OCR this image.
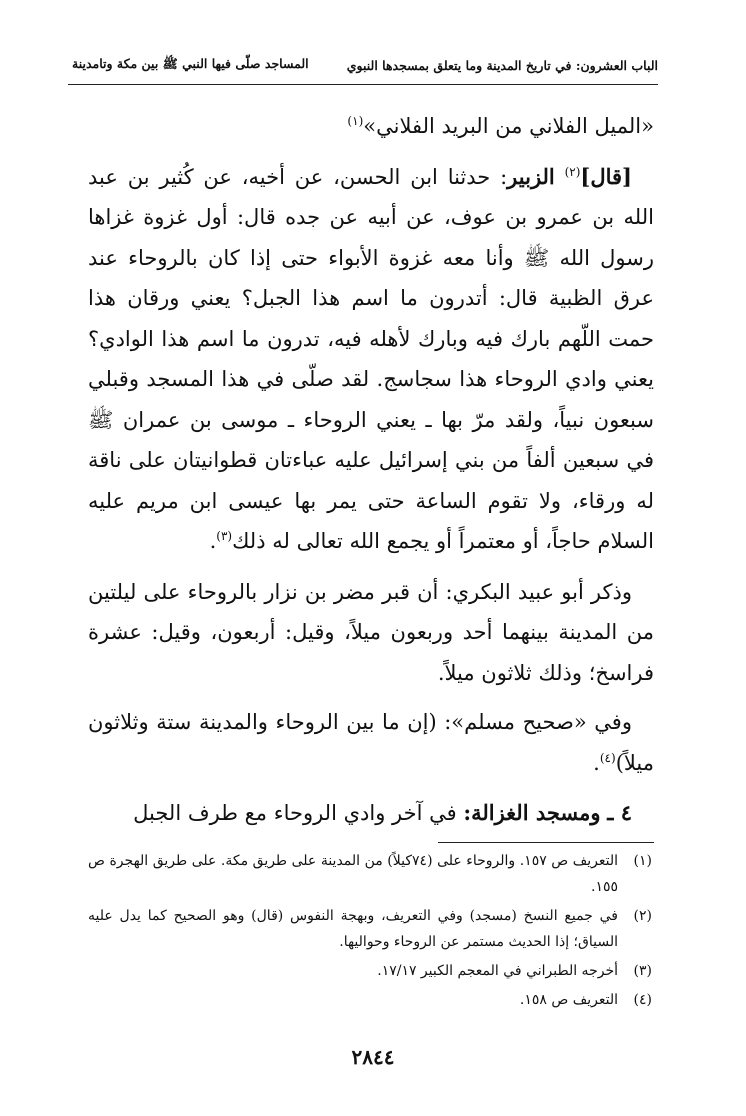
الباب العشرون: في تاريخ المدينة وما يتعلق بمسجدها النبوي
المساجد صلّى فيها النبي ﷺ بين مكة وتامدينة

«الميل الفلاني من البريد الفلاني»$^{(١)}$

[قال]$^{(٢)}$ الزبير: حدثنا ابن الحسن، عن أخيه، عن كُثير بن عبد الله بن عمرو بن عوف، عن أبيه عن جده قال: أول غزوة غزاها رسول الله ﷺ وأنا معه غزوة الأبواء حتى إذا كان بالروحاء عند عرق الظبية قال: أتدرون ما اسم هذا الجبل؟ يعني ورقان هذا حمت اللّهم بارك فيه وبارك لأهله فيه، تدرون ما اسم هذا الوادي؟ يعني وادي الروحاء هذا سجاسج. لقد صلّى في هذا المسجد وقبلي سبعون نبياً، ولقد مرّ بها ـ يعني الروحاء ـ موسى بن عمران ﷺ في سبعين ألفاً من بني إسرائيل عليه عباءتان قطوانيتان على ناقة له ورقاء، ولا تقوم الساعة حتى يمر بها عيسى ابن مريم عليه السلام حاجاً، أو معتمراً أو يجمع الله تعالى له ذلك$^{(٣)}$.

وذكر أبو عبيد البكري: أن قبر مضر بن نزار بالروحاء على ليلتين من المدينة بينهما أحد وربعون ميلاً، وقيل: أربعون، وقيل: عشرة فراسخ؛ وذلك ثلاثون ميلاً.

وفي «صحيح مسلم»: (إن ما بين الروحاء والمدينة ستة وثلاثون ميلاً)$^{(٤)}$.

٤ ـ ومسجد الغزالة: في آخر وادي الروحاء مع طرف الجبل

(١)
التعريف ص ١٥٧. والروحاء على (٧٤كيلاً) من المدينة على طريق مكة. على طريق الهجرة ص ١٥٥.
(٢)
في جميع النسخ (مسجد) وفي التعريف، وبهجة النفوس (قال) وهو الصحيح كما يدل عليه السياق؛ إذا الحديث مستمر عن الروحاء وحواليها.
(٣)
أخرجه الطبراني في المعجم الكبير ١٧/١٧.
(٤)
التعريف ص ١٥٨.
٢٨٤٤
